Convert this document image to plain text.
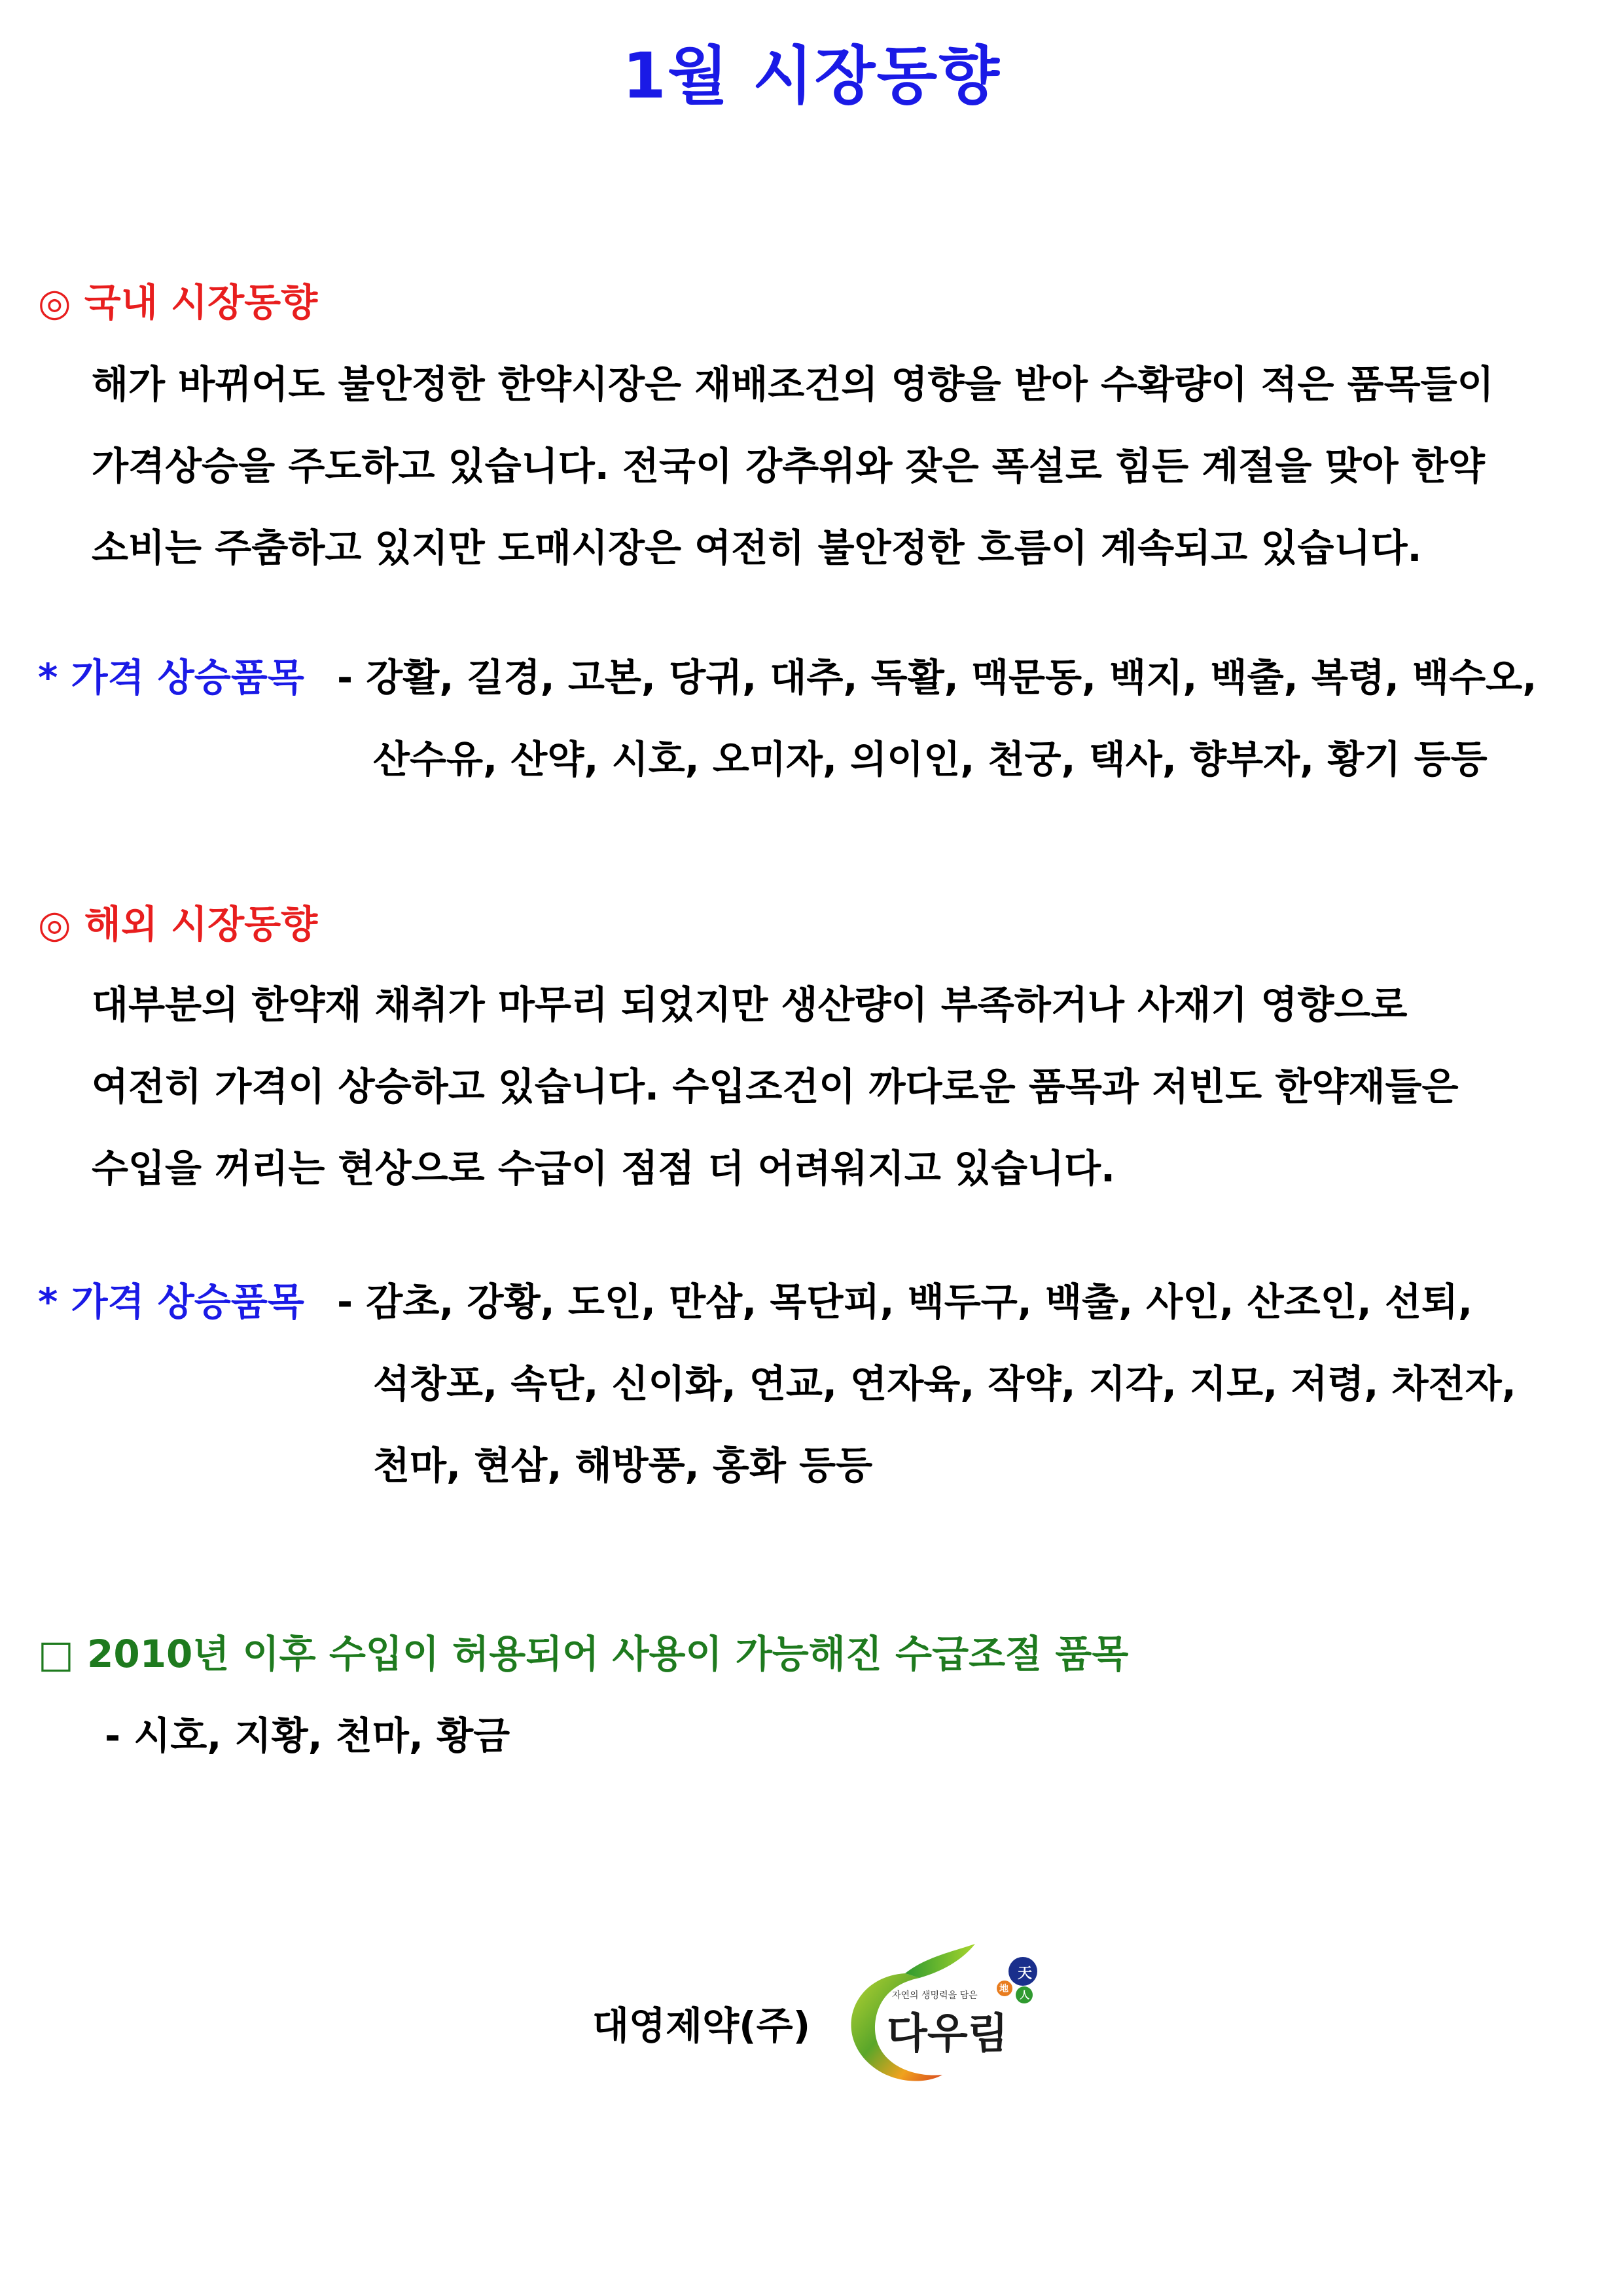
1월 시장동향
◎ 국내 시장동향
해가 바뀌어도 불안정한 한약시장은 재배조건의 영향을 받아 수확량이 적은 품목들이
가격상승을 주도하고 있습니다. 전국이 강추위와 잦은 폭설로 힘든 계절을 맞아 한약
소비는 주춤하고 있지만 도매시장은 여전히 불안정한 흐름이 계속되고 있습니다.
* 가격 상승품목 - 강활, 길경, 고본, 당귀, 대추, 독활, 맥문동, 백지, 백출, 복령, 백수오,
산수유, 산약, 시호, 오미자, 의이인, 천궁, 택사, 향부자, 황기 등등
◎ 해외 시장동향
대부분의 한약재 채취가 마무리 되었지만 생산량이 부족하거나 사재기 영향으로
여전히 가격이 상승하고 있습니다. 수입조건이 까다로운 품목과 저빈도 한약재들은
수입을 꺼리는 현상으로 수급이 점점 더 어려워지고 있습니다.
* 가격 상승품목 - 감초, 강황, 도인, 만삼, 목단피, 백두구, 백출, 사인, 산조인, 선퇴,
석창포, 속단, 신이화, 연교, 연자육, 작약, 지각, 지모, 저령, 차전자,
천마, 현삼, 해방풍, 홍화 등등
□ 2010년 이후 수입이 허용되어 사용이 가능해진 수급조절 품목
- 시호, 지황, 천마, 황금
대영제약(주)
天
地 人
자연의 생명력을 담은
다우림
